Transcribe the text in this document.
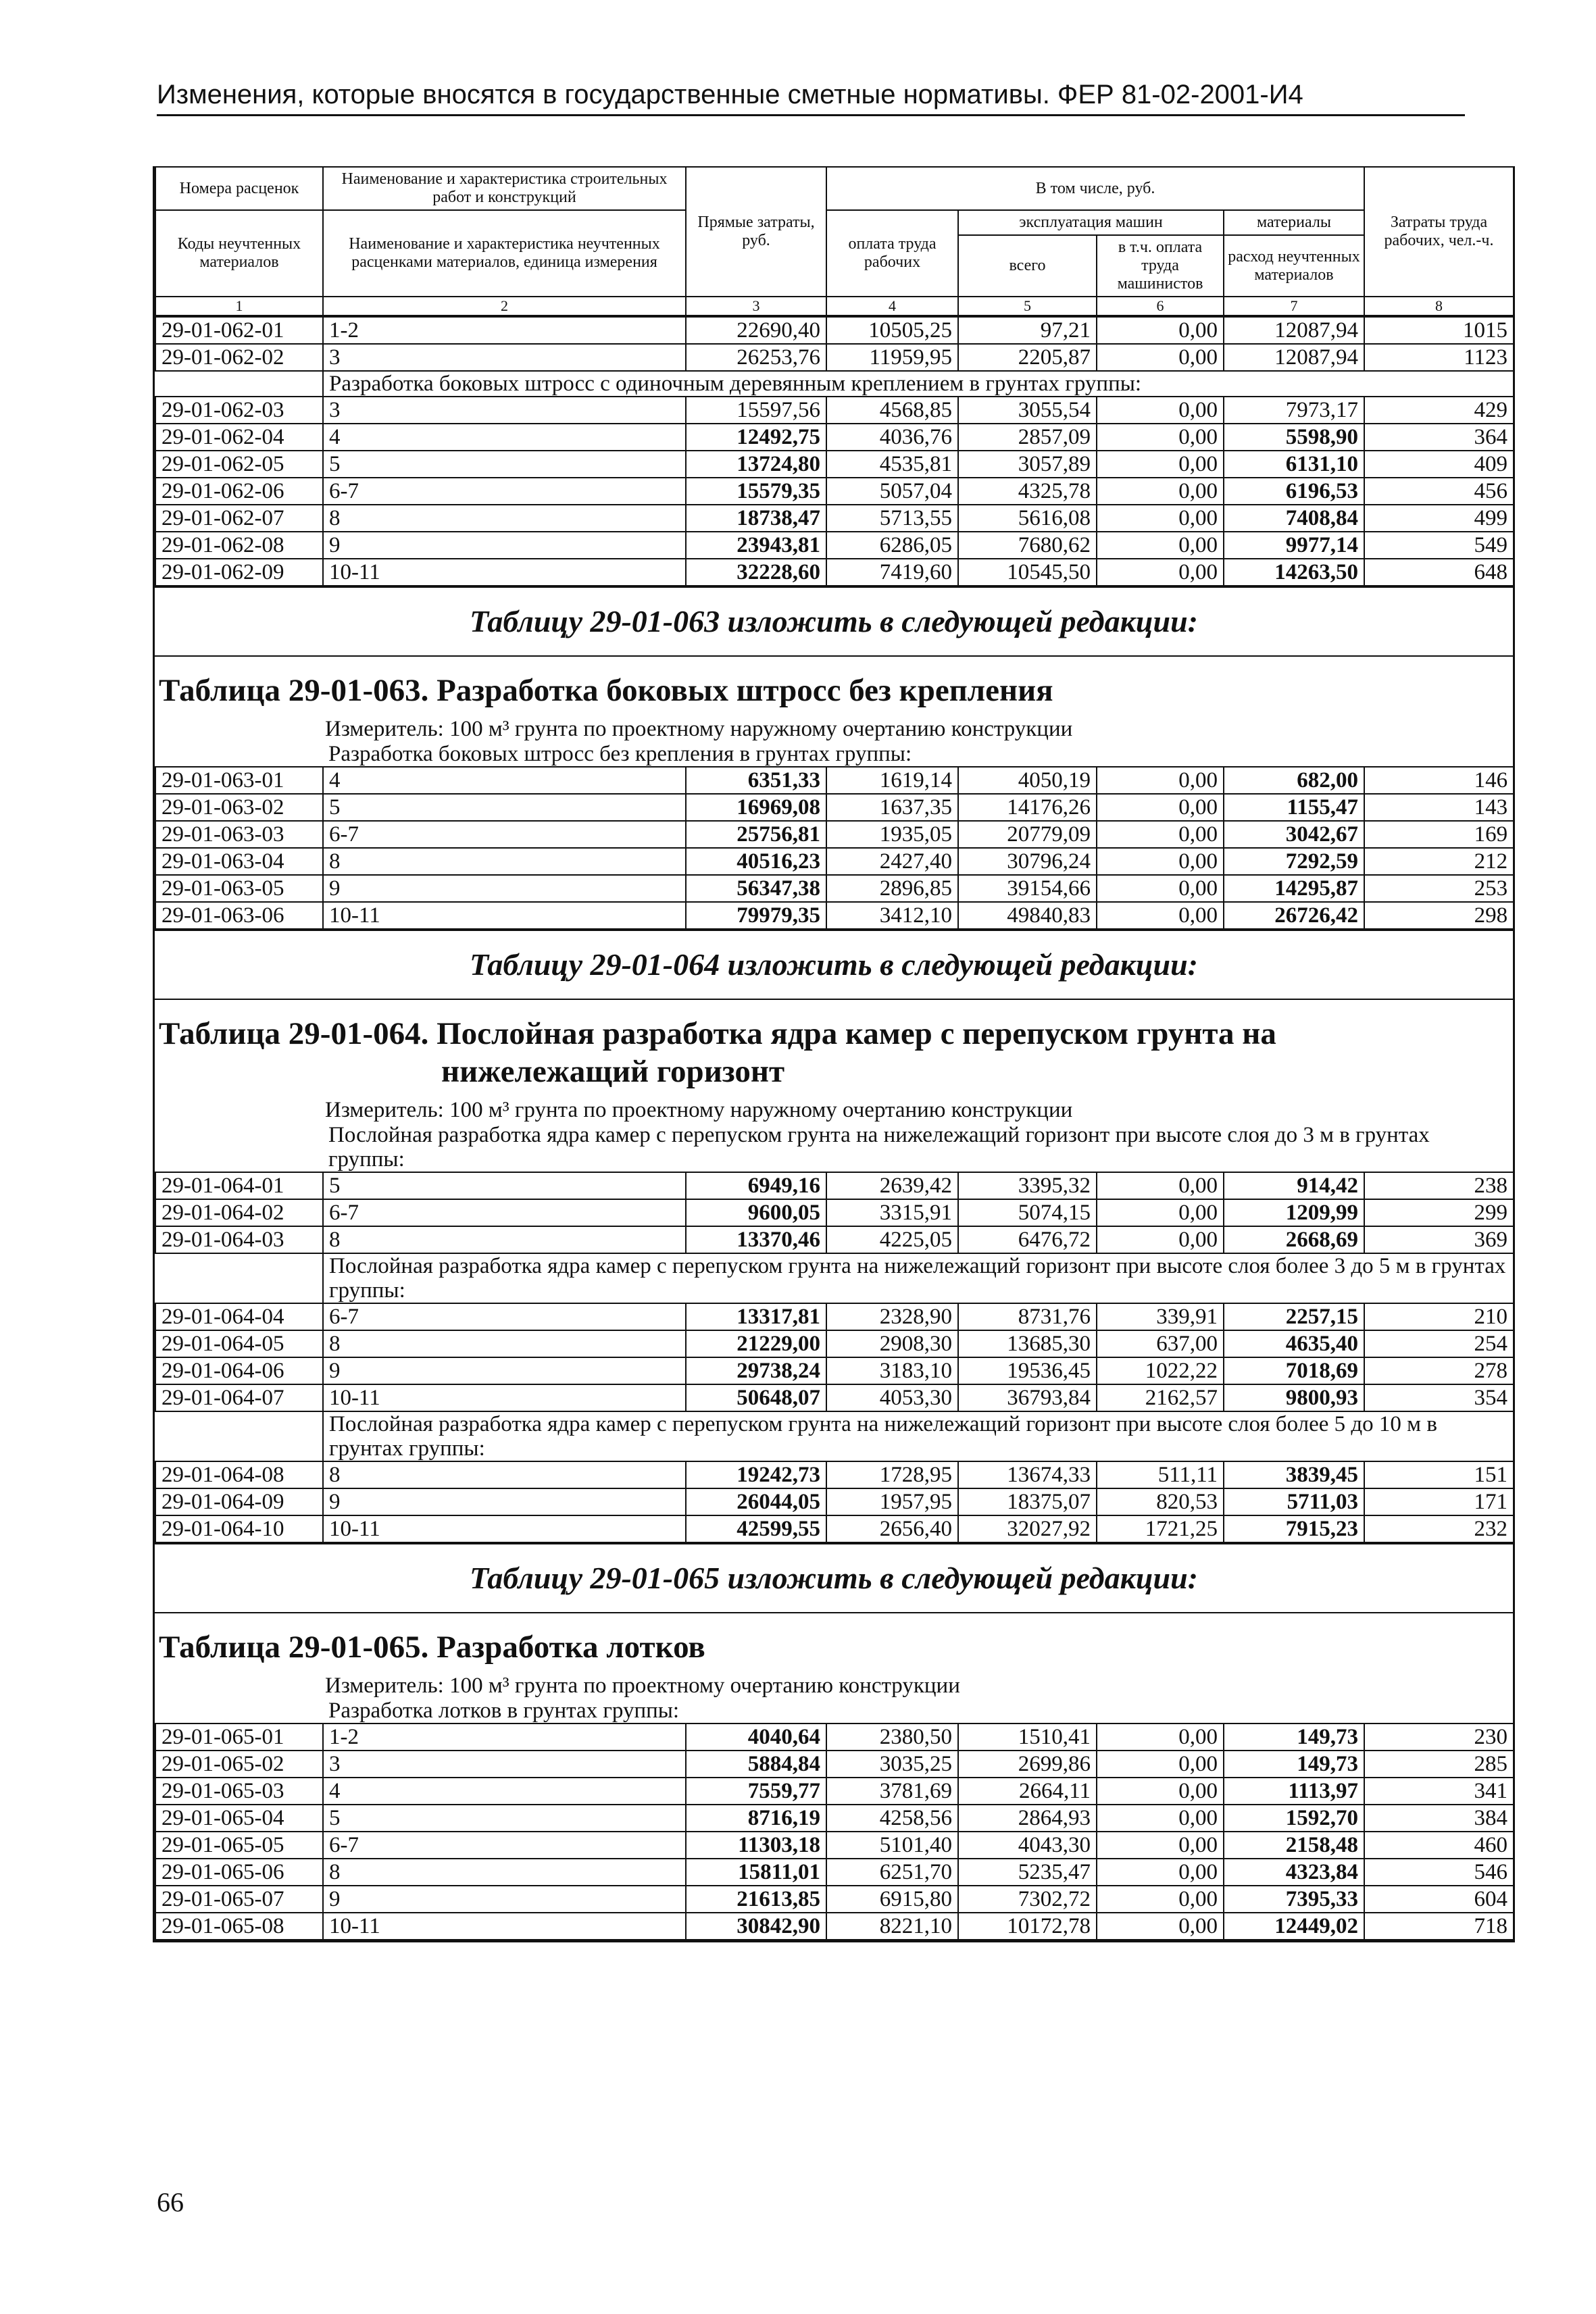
Изменения, которые вносятся в государственные сметные нормативы. ФЕР 81-02-2001-И4
Номера расценок	Наименование и характеристика строительных работ и конструкций	Прямые затраты, руб.	В том числе, руб.				Затраты труда рабочих, чел.-ч.
Коды неучтенных материалов	Наименование и характеристика неучтенных расценками материалов, единица измерения		оплата труда рабочих	эксплуатация машин		материалы	
				всего	в т.ч. оплата труда машинистов	расход неучтенных материалов	
1	2	3	4	5	6	7	8
29-01-062-01	1-2	22690,40	10505,25	97,21	0,00	12087,94	1015
29-01-062-02	3	26253,76	11959,95	2205,87	0,00	12087,94	1123
	Разработка боковых штросс с одиночным деревянным креплением в грунтах группы:						
29-01-062-03	3	15597,56	4568,85	3055,54	0,00	7973,17	429
29-01-062-04	4	12492,75	4036,76	2857,09	0,00	5598,90	364
29-01-062-05	5	13724,80	4535,81	3057,89	0,00	6131,10	409
29-01-062-06	6-7	15579,35	5057,04	4325,78	0,00	6196,53	456
29-01-062-07	8	18738,47	5713,55	5616,08	0,00	7408,84	499
29-01-062-08	9	23943,81	6286,05	7680,62	0,00	9977,14	549
29-01-062-09	10-11	32228,60	7419,60	10545,50	0,00	14263,50	648
Таблицу 29-01-063 изложить в следующей редакции:
Таблица 29-01-063. Разработка боковых штросс без крепления
Измеритель: 100 м³ грунта по проектному наружному очертанию конструкции
	Разработка боковых штросс без крепления в грунтах группы:						
29-01-063-01	4	6351,33	1619,14	4050,19	0,00	682,00	146
29-01-063-02	5	16969,08	1637,35	14176,26	0,00	1155,47	143
29-01-063-03	6-7	25756,81	1935,05	20779,09	0,00	3042,67	169
29-01-063-04	8	40516,23	2427,40	30796,24	0,00	7292,59	212
29-01-063-05	9	56347,38	2896,85	39154,66	0,00	14295,87	253
29-01-063-06	10-11	79979,35	3412,10	49840,83	0,00	26726,42	298
Таблицу 29-01-064 изложить в следующей редакции:
Таблица 29-01-064. Послойная разработка ядра камер с перепуском грунта на
нижележащий горизонт
Измеритель: 100 м³ грунта по проектному наружному очертанию конструкции
	Послойная разработка ядра камер с перепуском грунта на нижележащий горизонт при высоте слоя до 3 м в грунтах группы:						
29-01-064-01	5	6949,16	2639,42	3395,32	0,00	914,42	238
29-01-064-02	6-7	9600,05	3315,91	5074,15	0,00	1209,99	299
29-01-064-03	8	13370,46	4225,05	6476,72	0,00	2668,69	369
	Послойная разработка ядра камер с перепуском грунта на нижележащий горизонт при высоте слоя более 3 до 5 м в грунтах группы:						
29-01-064-04	6-7	13317,81	2328,90	8731,76	339,91	2257,15	210
29-01-064-05	8	21229,00	2908,30	13685,30	637,00	4635,40	254
29-01-064-06	9	29738,24	3183,10	19536,45	1022,22	7018,69	278
29-01-064-07	10-11	50648,07	4053,30	36793,84	2162,57	9800,93	354
	Послойная разработка ядра камер с перепуском грунта на нижележащий горизонт при высоте слоя более 5 до 10 м в грунтах группы:						
29-01-064-08	8	19242,73	1728,95	13674,33	511,11	3839,45	151
29-01-064-09	9	26044,05	1957,95	18375,07	820,53	5711,03	171
29-01-064-10	10-11	42599,55	2656,40	32027,92	1721,25	7915,23	232
Таблицу 29-01-065 изложить в следующей редакции:
Таблица 29-01-065. Разработка лотков
Измеритель: 100 м³ грунта по проектному очертанию конструкции
	Разработка лотков в грунтах группы:						
29-01-065-01	1-2	4040,64	2380,50	1510,41	0,00	149,73	230
29-01-065-02	3	5884,84	3035,25	2699,86	0,00	149,73	285
29-01-065-03	4	7559,77	3781,69	2664,11	0,00	1113,97	341
29-01-065-04	5	8716,19	4258,56	2864,93	0,00	1592,70	384
29-01-065-05	6-7	11303,18	5101,40	4043,30	0,00	2158,48	460
29-01-065-06	8	15811,01	6251,70	5235,47	0,00	4323,84	546
29-01-065-07	9	21613,85	6915,80	7302,72	0,00	7395,33	604
29-01-065-08	10-11	30842,90	8221,10	10172,78	0,00	12449,02	718
66
